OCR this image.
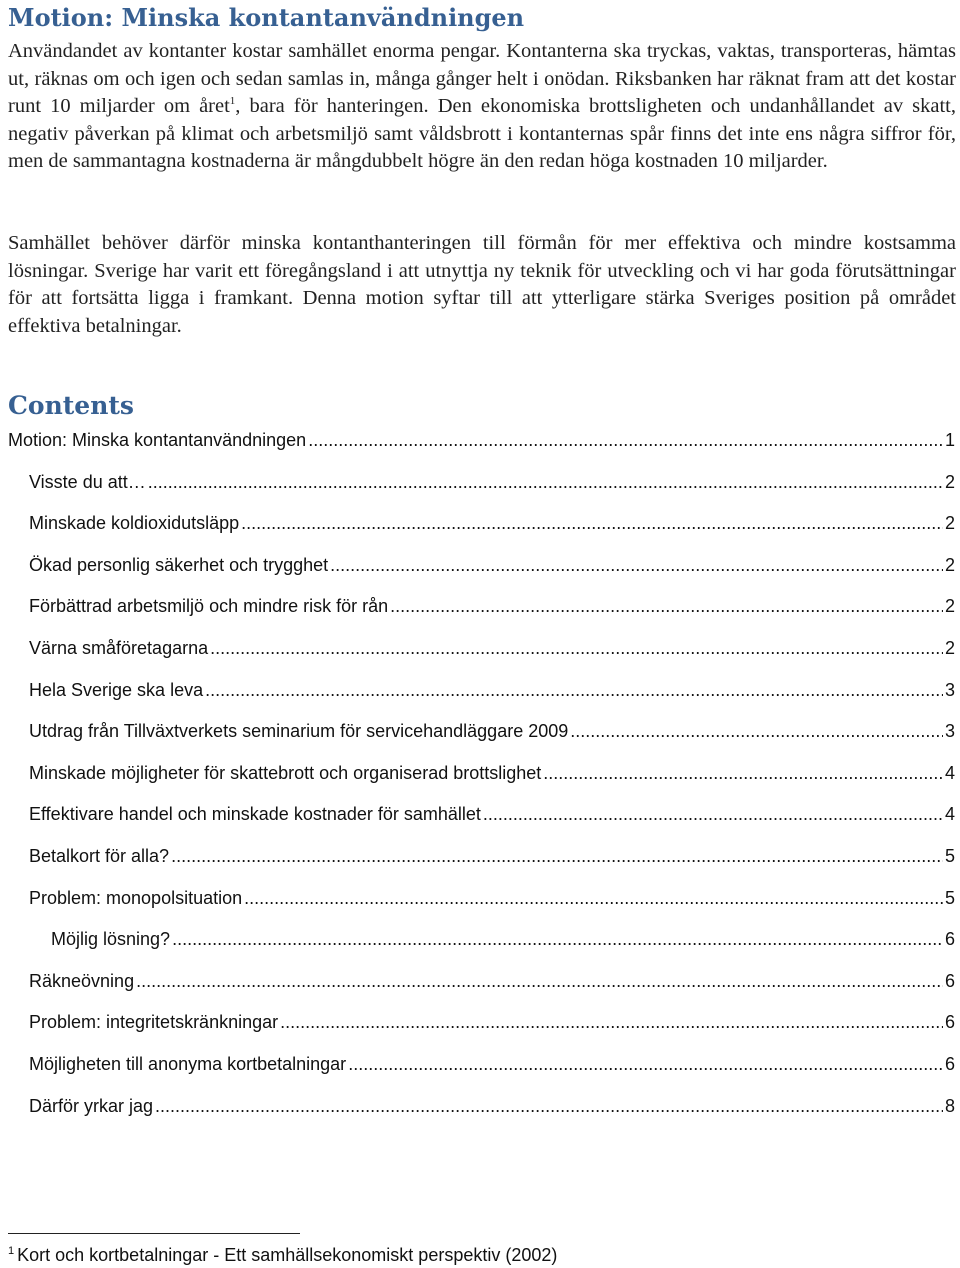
Motion: Minska kontantanvändningen

Användandet av kontanter kostar samhället enorma pengar. Kontanterna ska tryckas, vaktas, transporteras, hämtas ut, räknas om och igen och sedan samlas in, många gånger helt i onödan. Riksbanken har räknat fram att det kostar runt 10 miljarder om året$^1$, bara för hanteringen. Den ekonomiska brottsligheten och undanhållandet av skatt, negativ påverkan på klimat och arbetsmiljö samt våldsbrott i kontanternas spår finns det inte ens några siffror för, men de sammantagna kostnaderna är mångdubbelt högre än den redan höga kostnaden 10 miljarder.

Samhället behöver därför minska kontanthanteringen till förmån för mer effektiva och mindre kostsamma lösningar. Sverige har varit ett föregångsland i att utnyttja ny teknik för utveckling och vi har goda förutsättningar för att fortsätta ligga i framkant. Denna motion syftar till att ytterligare stärka Sveriges position på området effektiva betalningar.

Contents
Motion: Minska kontantanvändningen .....	1
Visste du att… .....	2
Minskade koldioxidutsläpp .....	2
Ökad personlig säkerhet och trygghet .....	2
Förbättrad arbetsmiljö och mindre risk för rån .....	2
Värna småföretagarna .....	2
Hela Sverige ska leva .....	3
Utdrag från Tillväxtverkets seminarium för servicehandläggare 2009 .....	3
Minskade möjligheter för skattebrott och organiserad brottslighet .....	4
Effektivare handel och minskade kostnader för samhället .....	4
Betalkort för alla? .....	5
Problem: monopolsituation .....	5
Möjlig lösning? .....	6
Räkneövning .....	6
Problem: integritetskränkningar .....	6
Möjligheten till anonyma kortbetalningar .....	6
Därför yrkar jag .....	8

$^1$ Kort och kortbetalningar - Ett samhällsekonomiskt perspektiv (2002)
